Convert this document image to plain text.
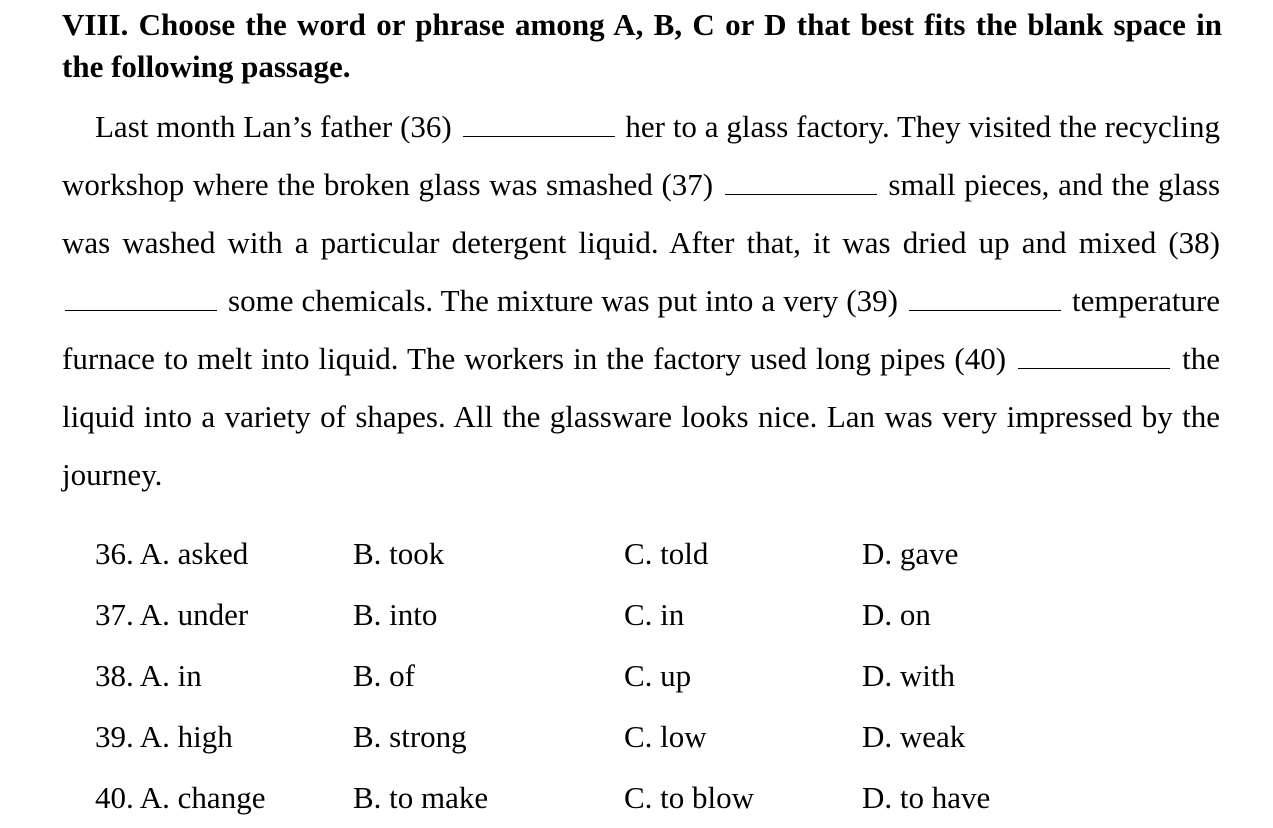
VIII. Choose the word or phrase among A, B, C or D that best fits the blank space in the following passage.
Last month Lan’s father (36)	her to a glass factory. They visited the recycling workshop where the broken glass was smashed (37)	small pieces, and the glass was washed with a particular detergent liquid. After that, it was dried up and mixed (38)  some chemicals. The mixture was put into a very (39)	temperature furnace to melt into liquid. The workers in the factory used long pipes (40)	the liquid into a variety of shapes. All the glassware looks nice. Lan was very impressed by the journey.
36. A. asked	B. took	C. told	D. gave
37. A. under	B. into	C. in	D. on
38. A. in	B. of	C. up	D. with
39. A. high	B. strong	C. low	D. weak
40. A. change	B. to make	C. to blow	D. to have
